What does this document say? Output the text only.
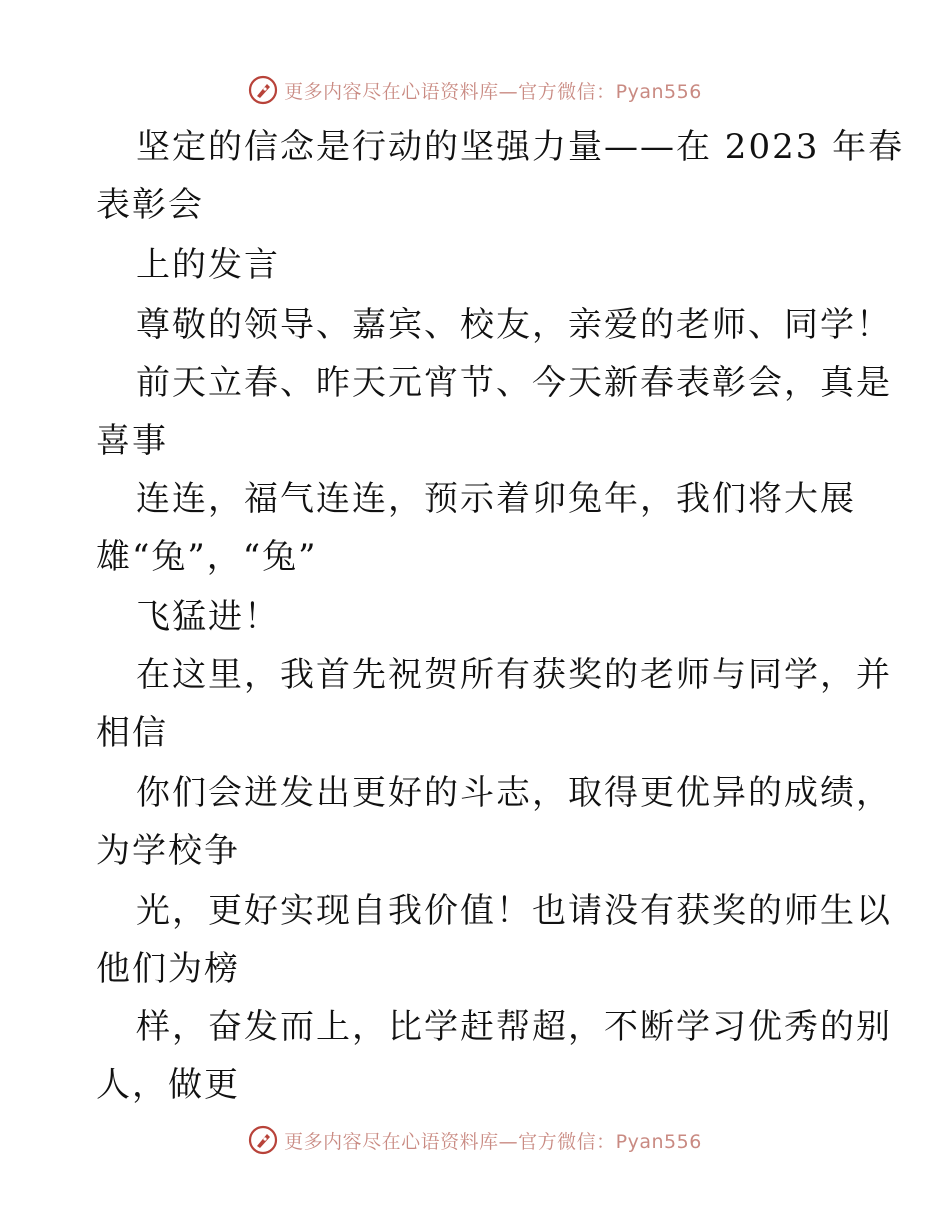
更多内容尽在心语资料库—官方微信：Pyan556
坚定的信念是行动的坚强力量——在 2023 年春
表彰会
上的发言
尊敬的领导、嘉宾、校友，亲爱的老师、同学！
前天立春、昨天元宵节、今天新春表彰会，真是
喜事
连连，福气连连，预示着卯兔年，我们将大展
雄“兔”，“兔”
飞猛进！
在这里，我首先祝贺所有获奖的老师与同学，并
相信
你们会迸发出更好的斗志，取得更优异的成绩，
为学校争
光，更好实现自我价值！也请没有获奖的师生以
他们为榜
样，奋发而上，比学赶帮超，不断学习优秀的别
人，做更
更多内容尽在心语资料库—官方微信：Pyan556
